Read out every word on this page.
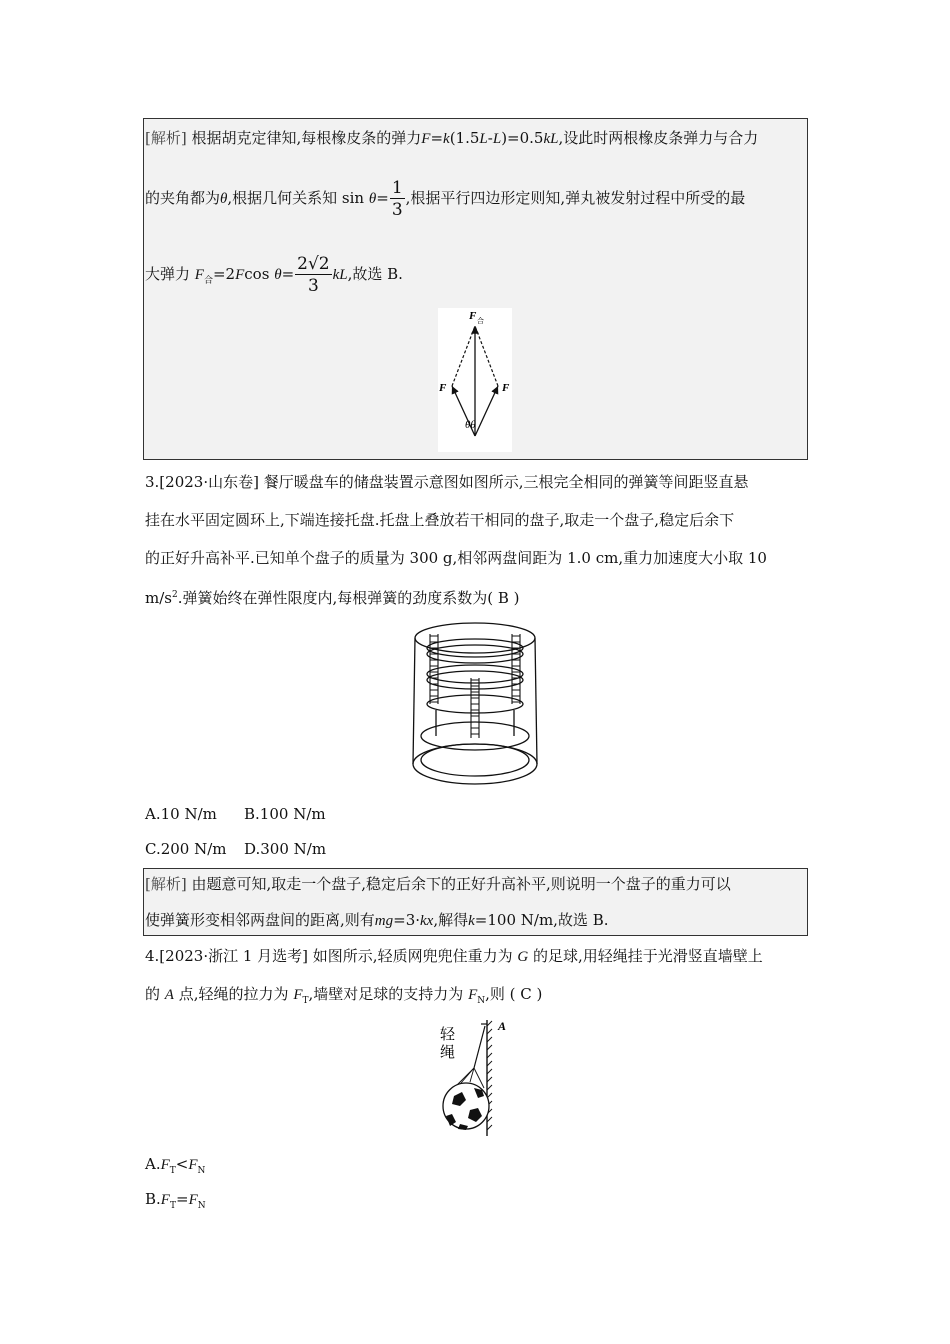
[解析] 根据胡克定律知,每根橡皮条的弹力F=k(1.5L-L)=0.5kL,设此时两根橡皮条弹力与合力
的夹角都为θ,根据几何关系知 $\sin \theta= \frac{1}{3}$ ,根据平行四边形定则知,弹丸被发射过程中所受的最
大弹力 $F_合=2Fcos$ $\theta= \frac{2√2}{3}$ kL,故选 B.
F 合
F	F
θθ
3.[2023·山东卷] 餐厅暖盘车的储盘装置示意图如图所示,三根完全相同的弹簧等间距竖直悬
挂在水平固定圆环上,下端连接托盘.托盘上叠放若干相同的盘子,取走一个盘子,稳定后余下
的正好升高补平.已知单个盘子的质量为 300 g,相邻两盘间距为 1.0 cm,重力加速度大小取 10
$m/s^2$.弹簧始终在弹性限度内,每根弹簧的劲度系数为( B )
A.10 N/m B.100 N/m
C.200 N/m D.300 N/m
[解析] 由题意可知,取走一个盘子,稳定后余下的正好升高补平,则说明一个盘子的重力可以
使弹簧形变相邻两盘间的距离,则有mg=3·kx,解得k=100 N/m,故选 B.
4.[2023·浙江 1 月选考] 如图所示,轻质网兜兜住重力为 G 的足球,用轻绳挂于光滑竖直墙壁上
的 A 点,轻绳的拉力为 $F_T$,墙壁对足球的支持力为 $F_N$,则 ( C )
轻
绳
A
$A.F_T<F_N$
$B.F_T=F_N$
